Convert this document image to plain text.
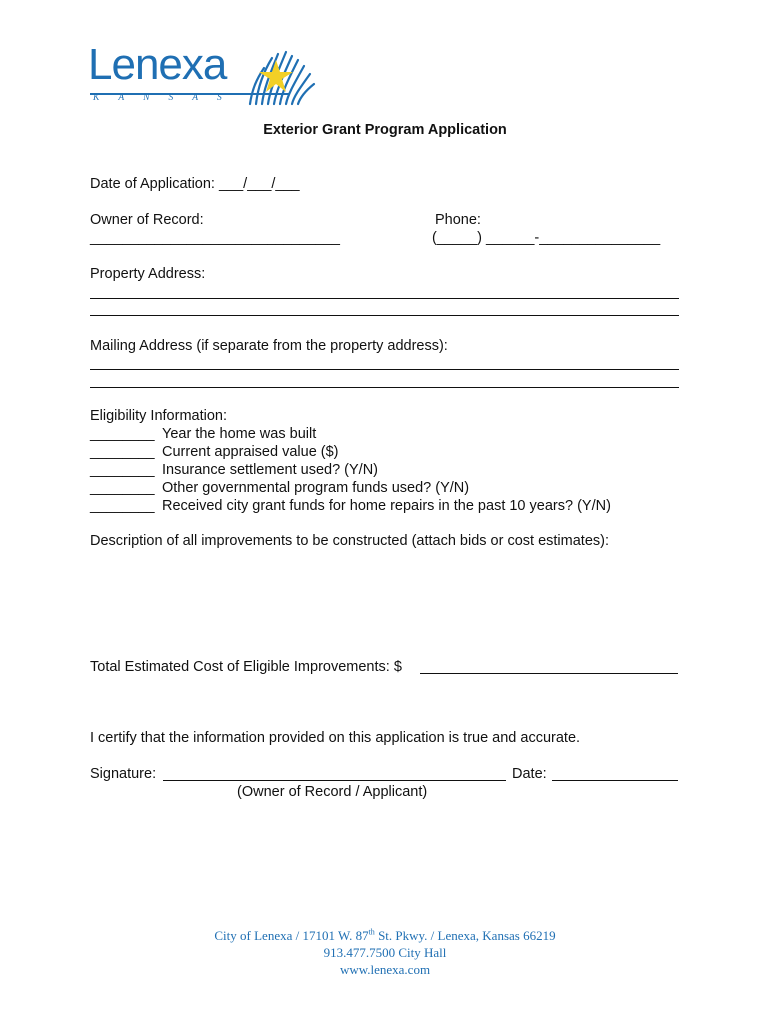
Lenexa
KANSAS
Exterior Grant Program Application
Date of Application: ___/___/___
Owner of Record:
_______________________________
Phone:
(_____) ______-_______________
Property Address:
Mailing Address (if separate from the property address):
Eligibility Information:
________ Year the home was built
________ Current appraised value ($)
________ Insurance settlement used? (Y/N)
________ Other governmental program funds used? (Y/N)
________ Received city grant funds for home repairs in the past 10 years? (Y/N)
Description of all improvements to be constructed (attach bids or cost estimates):
Total Estimated Cost of Eligible Improvements: $
I certify that the information provided on this application is true and accurate.
Signature:	Date:
(Owner of Record / Applicant)
City of Lenexa / 17101 W. 87th St. Pkwy. / Lenexa, Kansas 66219
913.477.7500 City Hall
www.lenexa.com
